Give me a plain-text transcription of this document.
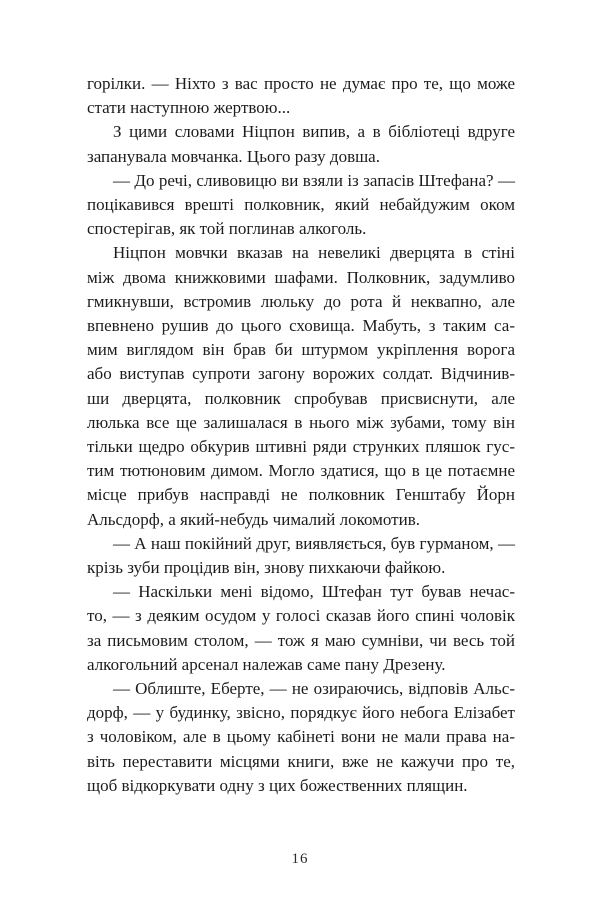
горілки. — Ніхто з вас просто не думає про те, що може
стати наступною жертвою...
З цими словами Ніцпон випив, а в бібліотеці вдруге
запанувала мовчанка. Цього разу довша.
— До речі, сливовицю ви взяли із запасів Штефана? —
поцікавився врешті полковник, який небайдужим оком
спостерігав, як той поглинав алкоголь.
Ніцпон мовчки вказав на невеликі дверцята в стіні
між двома книжковими шафами. Полковник, задумливо
гмикнувши, встромив люльку до рота й неквапно, але
впевнено рушив до цього сховища. Мабуть, з таким са-
мим виглядом він брав би штурмом укріплення ворога
або виступав супроти загону ворожих солдат. Відчинив-
ши дверцята, полковник спробував присвиснути, але
люлька все ще залишалася в нього між зубами, тому він
тільки щедро обкурив штивні ряди струнких пляшок гус-
тим тютюновим димом. Могло здатися, що в це потаємне
місце прибув насправді не полковник Генштабу Йорн
Альсдорф, а який-небудь чималий локомотив.
— А наш покійний друг, виявляється, був гурманом, —
крізь зуби процідив він, знову пихкаючи файкою.
— Наскільки мені відомо, Штефан тут бував нечас-
то, — з деяким осудом у голосі сказав його спині чоловік
за письмовим столом, — тож я маю сумніви, чи весь той
алкогольний арсенал належав саме пану Дрезену.
— Облиште, Еберте, — не озираючись, відповів Альс-
дорф, — у будинку, звісно, порядкує його небога Елізабет
з чоловіком, але в цьому кабінеті вони не мали права на-
віть переставити місцями книги, вже не кажучи про те,
щоб відкоркувати одну з цих божественних плящин.
16
